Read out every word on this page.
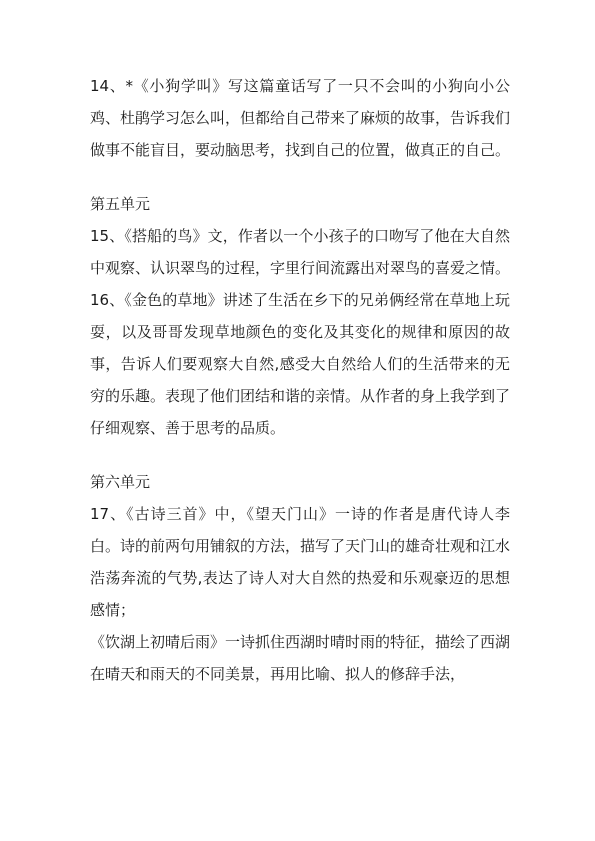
14、*《小狗学叫》写这篇童话写了一只不会叫的小狗向小公鸡、杜鹃学习怎么叫，但都给自己带来了麻烦的故事，告诉我们做事不能盲目，要动脑思考，找到自己的位置，做真正的自己。

第五单元

15、《搭船的鸟》文，作者以一个小孩子的口吻写了他在大自然中观察、认识翠鸟的过程，字里行间流露出对翠鸟的喜爱之情。

16、《金色的草地》讲述了生活在乡下的兄弟俩经常在草地上玩耍，以及哥哥发现草地颜色的变化及其变化的规律和原因的故事，告诉人们要观察大自然,感受大自然给人们的生活带来的无穷的乐趣。表现了他们团结和谐的亲情。从作者的身上我学到了仔细观察、善于思考的品质。

第六单元

17、《古诗三首》中，《望天门山》一诗的作者是唐代诗人李白。诗的前两句用铺叙的方法，描写了天门山的雄奇壮观和江水浩荡奔流的气势,表达了诗人对大自然的热爱和乐观豪迈的思想感情；

《饮湖上初晴后雨》一诗抓住西湖时晴时雨的特征，描绘了西湖在晴天和雨天的不同美景，再用比喻、拟人的修辞手法，
